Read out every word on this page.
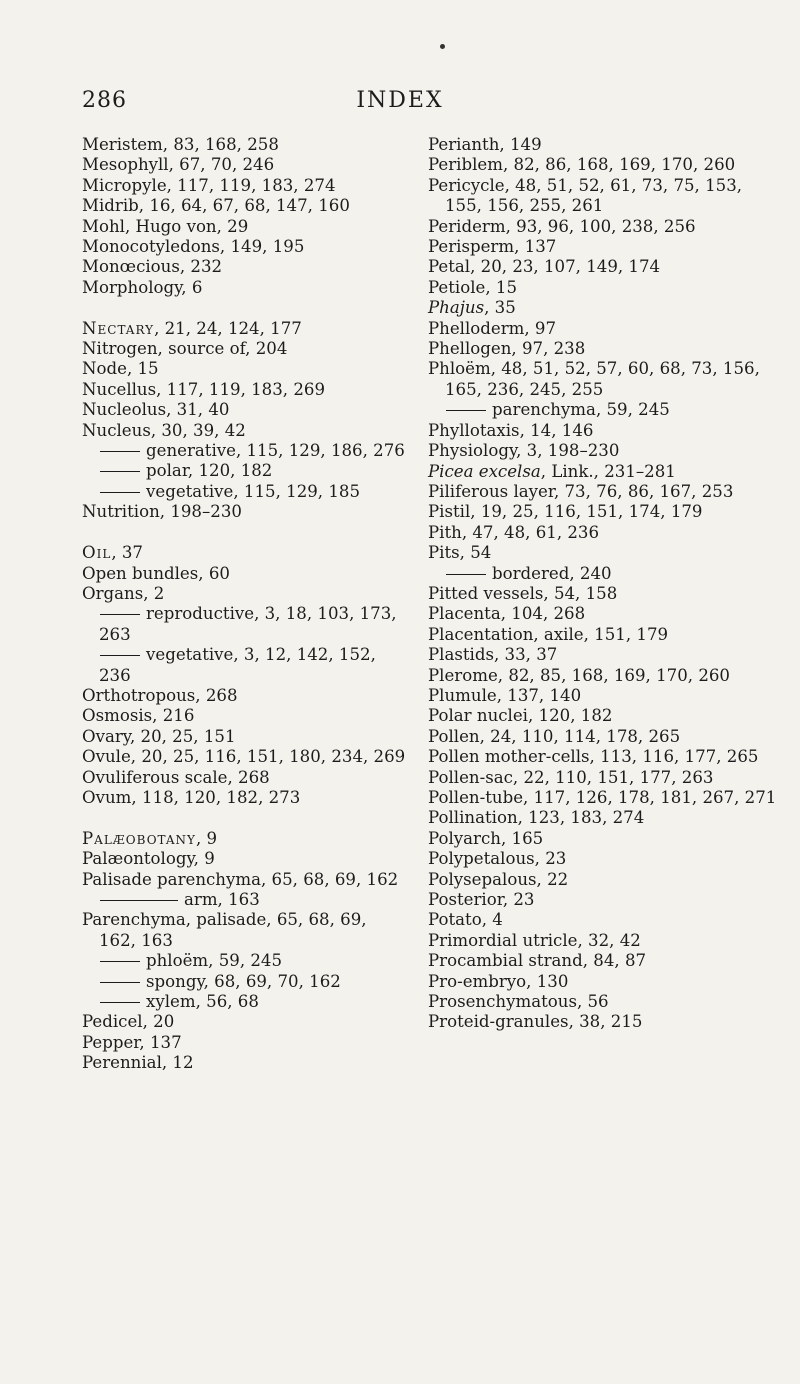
286	INDEX
Meristem, 83, 168, 258
Mesophyll, 67, 70, 246
Micropyle, 117, 119, 183, 274
Midrib, 16, 64, 67, 68, 147, 160
Mohl, Hugo von, 29
Monocotyledons, 149, 195
Monœcious, 232
Morphology, 6
Nectary, 21, 24, 124, 177
Nitrogen, source of, 204
Node, 15
Nucellus, 117, 119, 183, 269
Nucleolus, 31, 40
Nucleus, 30, 39, 42
generative, 115, 129, 186, 276
polar, 120, 182
vegetative, 115, 129, 185
Nutrition, 198–230
Oil, 37
Open bundles, 60
Organs, 2
reproductive, 3, 18, 103, 173, 263
vegetative, 3, 12, 142, 152, 236
Orthotropous, 268
Osmosis, 216
Ovary, 20, 25, 151
Ovule, 20, 25, 116, 151, 180, 234, 269
Ovuliferous scale, 268
Ovum, 118, 120, 182, 273
Palæobotany, 9
Palæontology, 9
Palisade parenchyma, 65, 68, 69, 162
arm, 163
Parenchyma, palisade, 65, 68, 69, 162, 163
phloëm, 59, 245
spongy, 68, 69, 70, 162
xylem, 56, 68
Pedicel, 20
Pepper, 137
Perennial, 12
Perianth, 149
Periblem, 82, 86, 168, 169, 170, 260
Pericycle, 48, 51, 52, 61, 73, 75, 153, 155, 156, 255, 261
Periderm, 93, 96, 100, 238, 256
Perisperm, 137
Petal, 20, 23, 107, 149, 174
Petiole, 15
Phajus, 35
Phelloderm, 97
Phellogen, 97, 238
Phloëm, 48, 51, 52, 57, 60, 68, 73, 156, 165, 236, 245, 255
parenchyma, 59, 245
Phyllotaxis, 14, 146
Physiology, 3, 198–230
Picea excelsa, Link., 231–281
Piliferous layer, 73, 76, 86, 167, 253
Pistil, 19, 25, 116, 151, 174, 179
Pith, 47, 48, 61, 236
Pits, 54
bordered, 240
Pitted vessels, 54, 158
Placenta, 104, 268
Placentation, axile, 151, 179
Plastids, 33, 37
Plerome, 82, 85, 168, 169, 170, 260
Plumule, 137, 140
Polar nuclei, 120, 182
Pollen, 24, 110, 114, 178, 265
Pollen mother-cells, 113, 116, 177, 265
Pollen-sac, 22, 110, 151, 177, 263
Pollen-tube, 117, 126, 178, 181, 267, 271
Pollination, 123, 183, 274
Polyarch, 165
Polypetalous, 23
Polysepalous, 22
Posterior, 23
Potato, 4
Primordial utricle, 32, 42
Procambial strand, 84, 87
Pro-embryo, 130
Prosenchymatous, 56
Proteid-granules, 38, 215
